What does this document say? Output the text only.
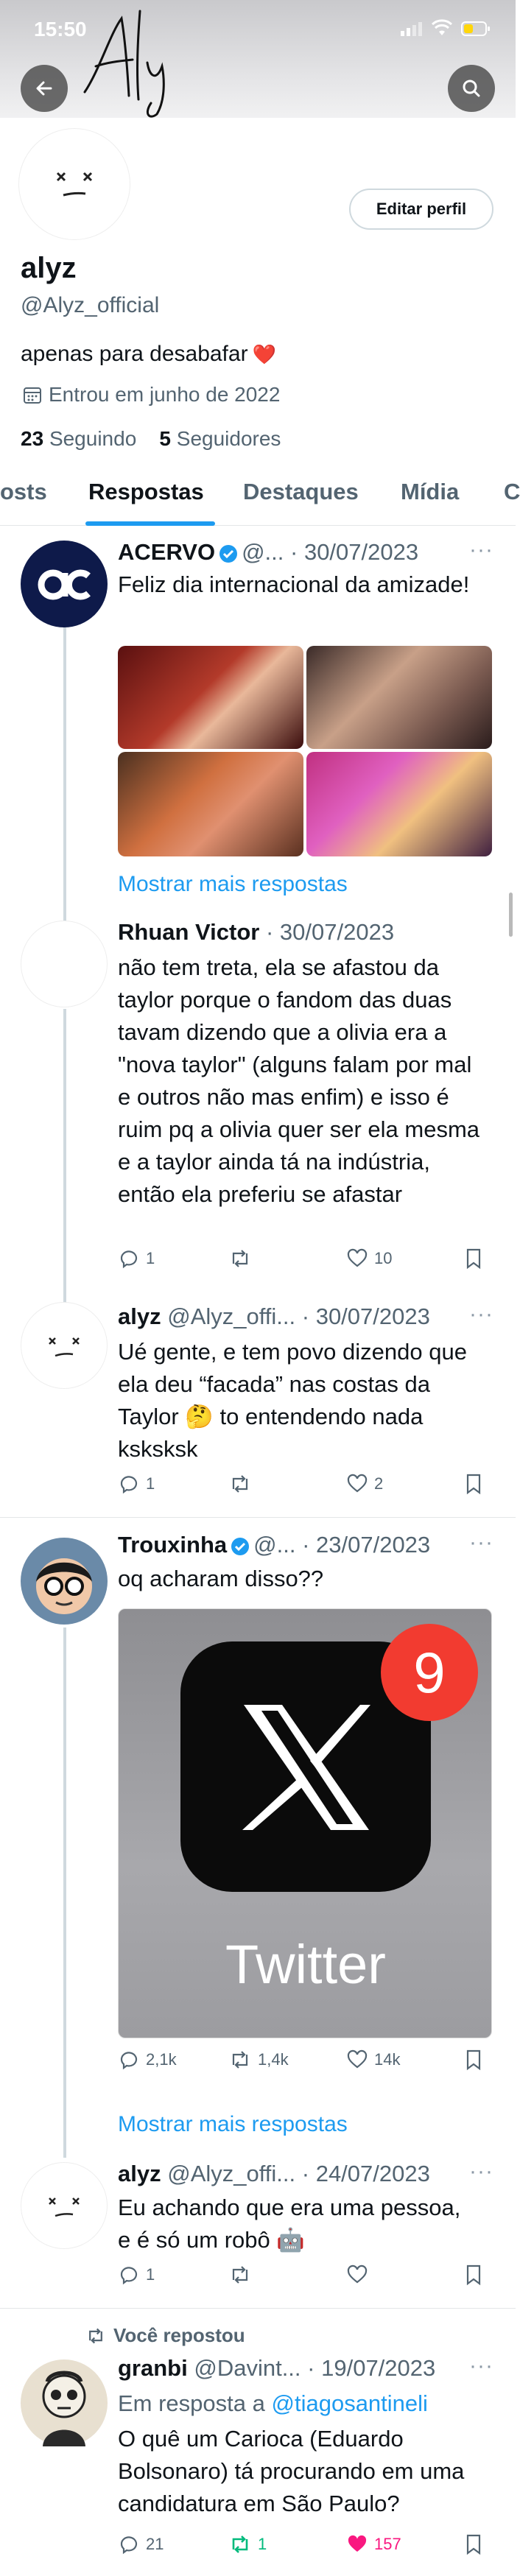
15:50
Editar perfil
alyz
@Alyz_official
apenas para desabafar ❤️
Entrou em junho de 2022
23 Seguindo 5 Seguidores
osts Respostas Destaques Mídia C
ACERVO @... · 30/07/2023 ···
Feliz dia internacional da amizade!
Mostrar mais respostas
Rhuan Victor · 30/07/2023
não tem treta, ela se afastou da taylor porque o fandom das duas tavam dizendo que a olivia era a "nova taylor" (alguns falam por mal e outros não mas enfim) e isso é ruim pq a olivia quer ser ela mesma e a taylor ainda tá na indústria, então ela preferiu se afastar
1	10
alyz @Alyz_offi... · 30/07/2023 ···
Ué gente, e tem povo dizendo que ela deu “facada” nas costas da Taylor 🤔 to entendendo nada ksksksk
1	2
Trouxinha @... · 23/07/2023 ···
oq acharam disso??
9
Twitter
2,1k	1,4k	14k
Mostrar mais respostas
alyz @Alyz_offi... · 24/07/2023 ···
Eu achando que era uma pessoa, e é só um robô 🤖
1
Você repostou
granbi @Davint... · 19/07/2023 ···
Em resposta a @tiagosantineli
O quê um Carioca (Eduardo Bolsonaro) tá procurando em uma candidatura em São Paulo?
21	1	157
